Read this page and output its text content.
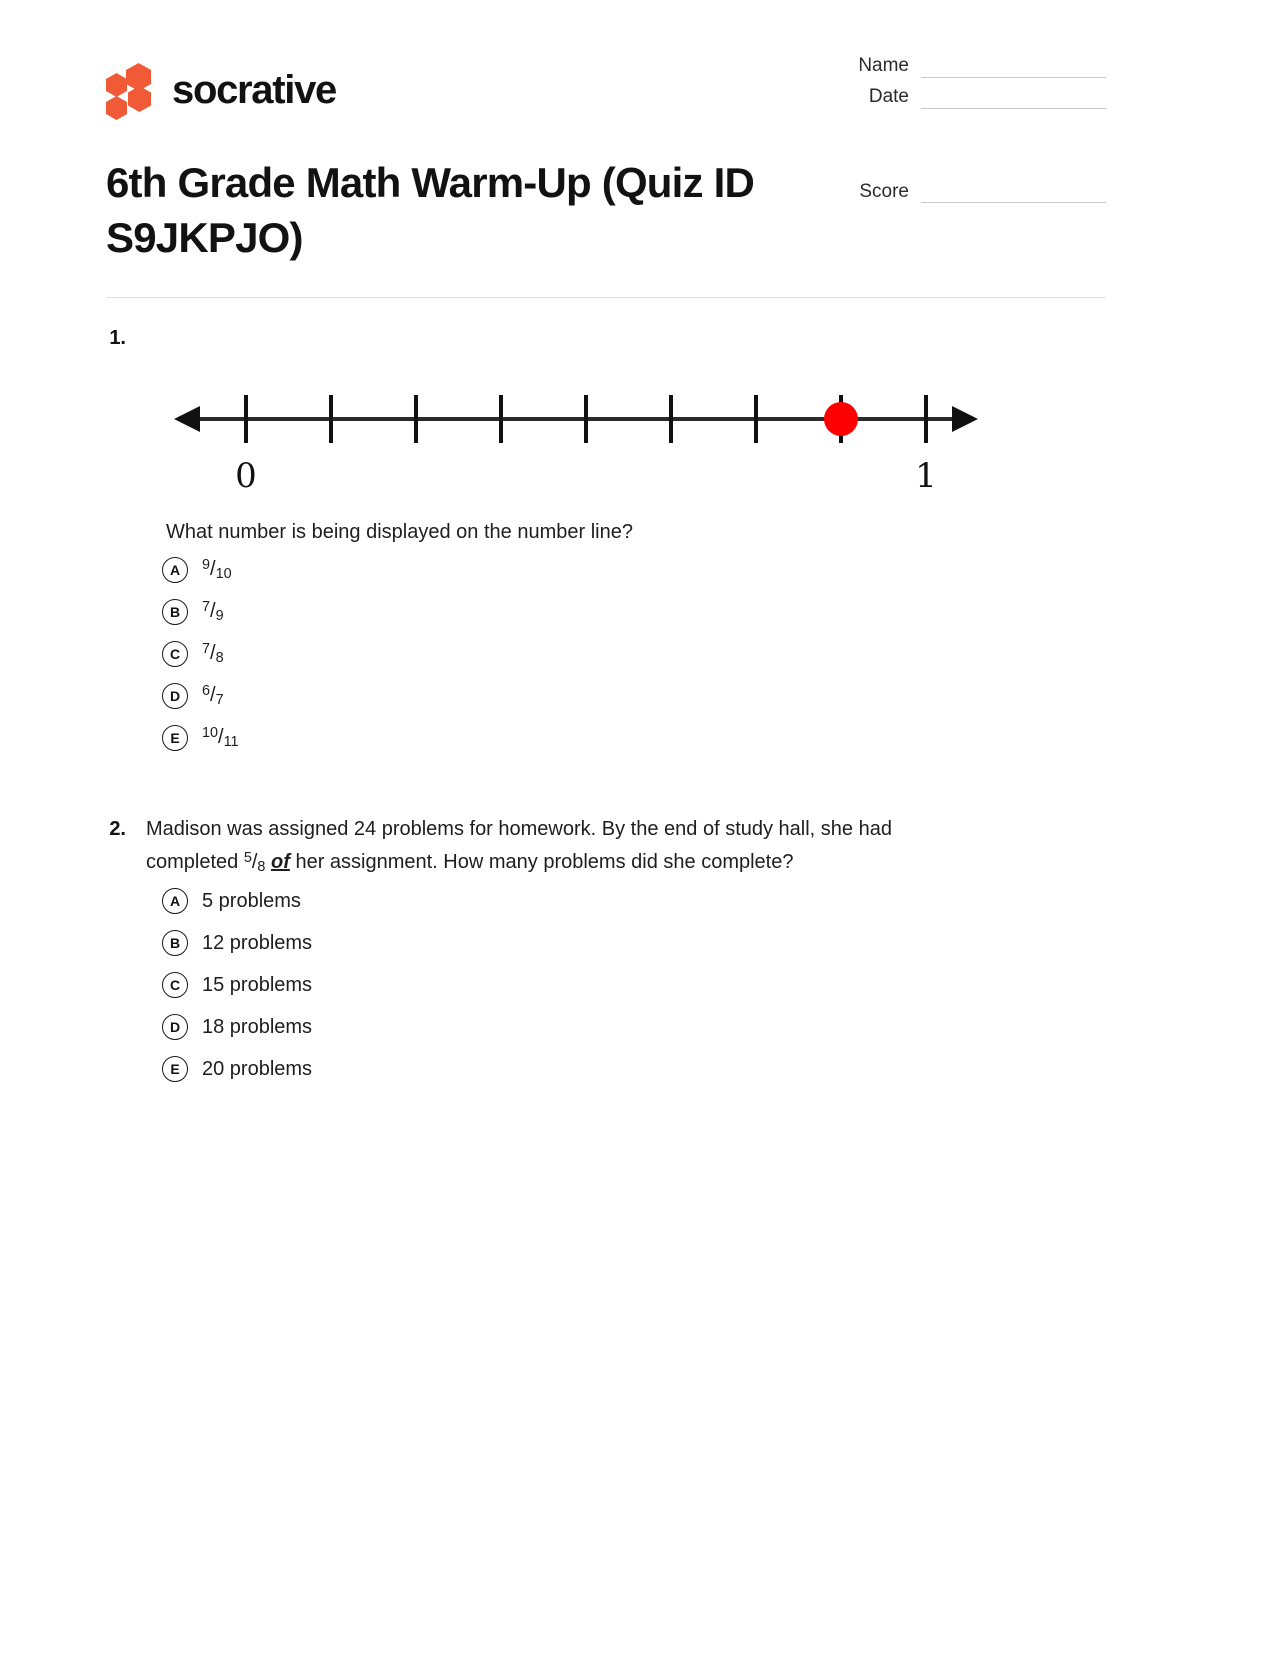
socrative
Name
Date
Score
6th Grade Math Warm-Up (Quiz ID S9JKPJO)
1.
0	1
What number is being displayed on the number line?
A	$^9/_{10}$
B	$^7/_9$
C	$^7/_8$
D	$^6/_7$
E	$^{10}/_{11}$
2.	Madison was assigned 24 problems for homework. By the end of study hall, she had completed $^5/_8$ of her assignment. How many problems did she complete?
A	5 problems
B	12 problems
C	15 problems
D	18 problems
E	20 problems
